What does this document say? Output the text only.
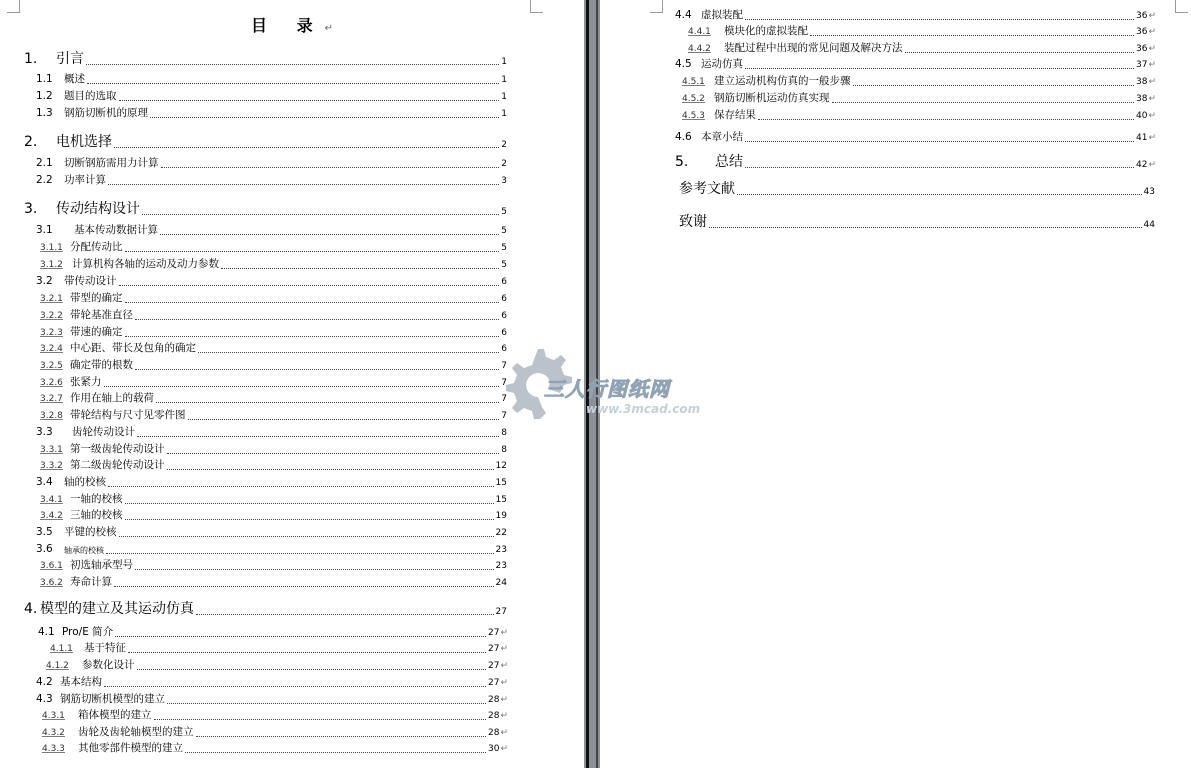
目 录↵
1.	引言	1
1.1	概述	1
1.2	题目的选取	1
1.3	钢筋切断机的原理	1
2.	电机选择	2
2.1	切断钢筋需用力计算	2
2.2	功率计算	3
3.	传动结构设计	5
3.1	基本传动数据计算	5
3.1.1 分配传动比	5
3.1.2 计算机构各轴的运动及动力参数	5
3.2	带传动设计	6
3.2.1 带型的确定	6
3.2.2 带轮基准直径	6
3.2.3 带速的确定	6
3.2.4 中心距、带长及包角的确定	6
3.2.5 确定带的根数	7
3.2.6 张紧力	7
3.2.7 作用在轴上的载荷	7
3.2.8 带轮结构与尺寸见零件图	7
3.3	齿轮传动设计	8
3.3.1 第一级齿轮传动设计	8
3.3.2 第二级齿轮传动设计	12
3.4	轴的校核	15
3.4.1 一轴的校核	15
3.4.2 三轴的校核	19
3.5	平键的校核	22
3.6	轴承的校核	23
3.6.1 初选轴承型号	23
3.6.2 寿命计算	24
4. 模型的建立及其运动仿真	27
4.1 Pro/E 简介	27 ↵
4.1.1	基于特征	27 ↵
4.1.2	参数化设计	27 ↵
4.2 基本结构	27 ↵
4.3 钢筋切断机模型的建立	28 ↵
4.3.1	箱体模型的建立	28 ↵
4.3.2	齿轮及齿轮轴模型的建立	28 ↵
4.3.3	其他零部件模型的建立	30 ↵
4.4 虚拟装配	36 ↵
4.4.1	模块化的虚拟装配	36 ↵
4.4.2	装配过程中出现的常见问题及解决方法	36 ↵
4.5 运动仿真	37 ↵
4.5.1 建立运动机构仿真的一般步骤	38 ↵
4.5.2 钢筋切断机运动仿真实现	38 ↵
4.5.3 保存结果	40 ↵
4.6 本章小结	41 ↵
5.	总结	42 ↵
参考文献	43
致谢	44
三人行图纸网
www.3mcad.com
